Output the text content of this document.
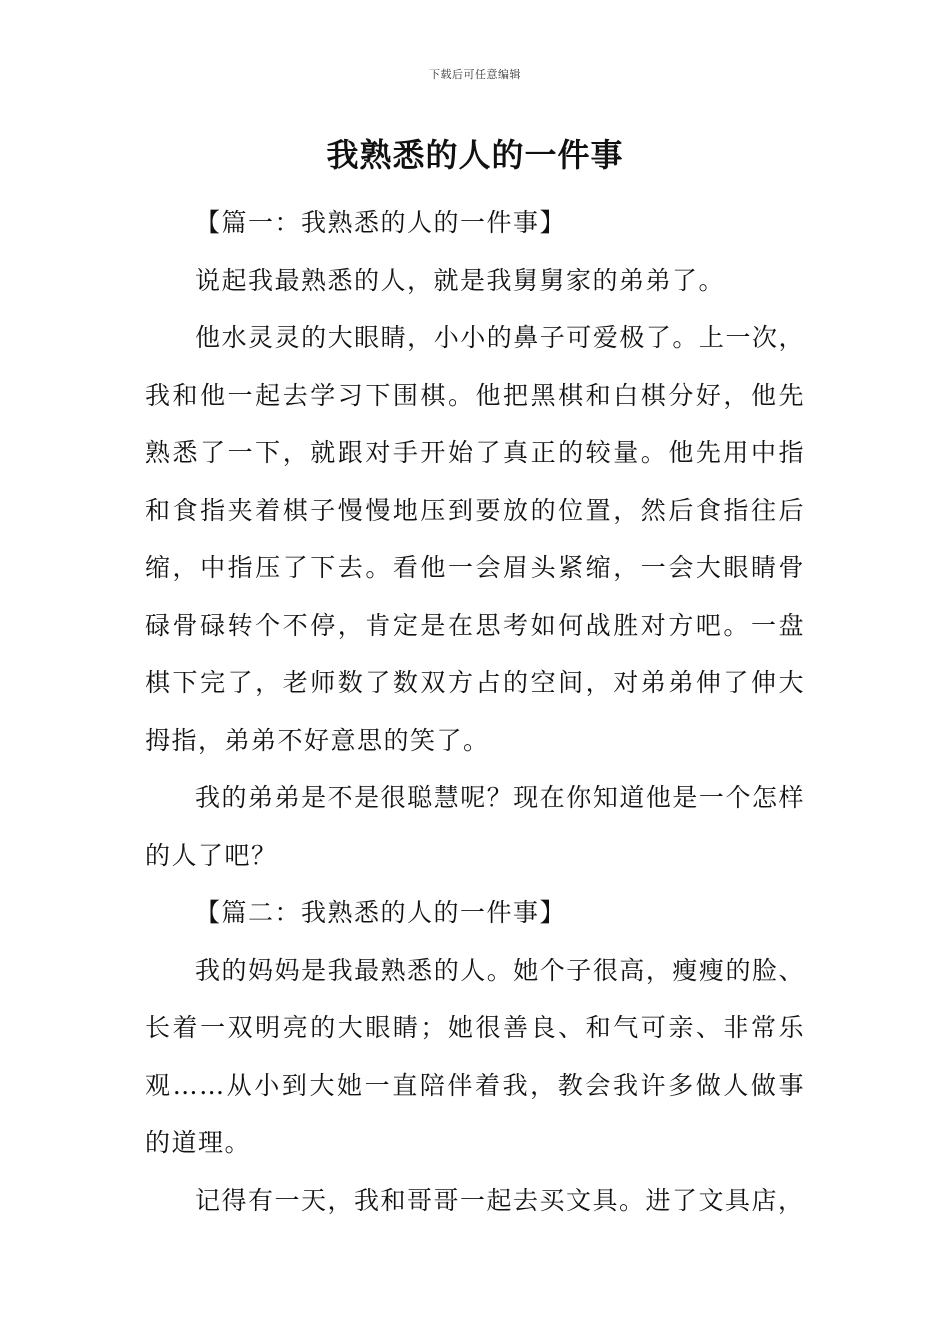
下载后可任意编辑
我熟悉的人的一件事

【篇一：我熟悉的人的一件事】

说起我最熟悉的人，就是我舅舅家的弟弟了。

他水灵灵的大眼睛，小小的鼻子可爱极了。上一次，我和他一起去学习下围棋。他把黑棋和白棋分好，他先熟悉了一下，就跟对手开始了真正的较量。他先用中指和食指夹着棋子慢慢地压到要放的位置，然后食指往后缩，中指压了下去。看他一会眉头紧缩，一会大眼睛骨碌骨碌转个不停，肯定是在思考如何战胜对方吧。一盘棋下完了，老师数了数双方占的空间，对弟弟伸了伸大拇指，弟弟不好意思的笑了。

我的弟弟是不是很聪慧呢？现在你知道他是一个怎样的人了吧？

【篇二：我熟悉的人的一件事】

我的妈妈是我最熟悉的人。她个子很高，瘦瘦的脸、长着一双明亮的大眼睛；她很善良、和气可亲、非常乐观……从小到大她一直陪伴着我，教会我许多做人做事的道理。

记得有一天，我和哥哥一起去买文具。进了文具店，
